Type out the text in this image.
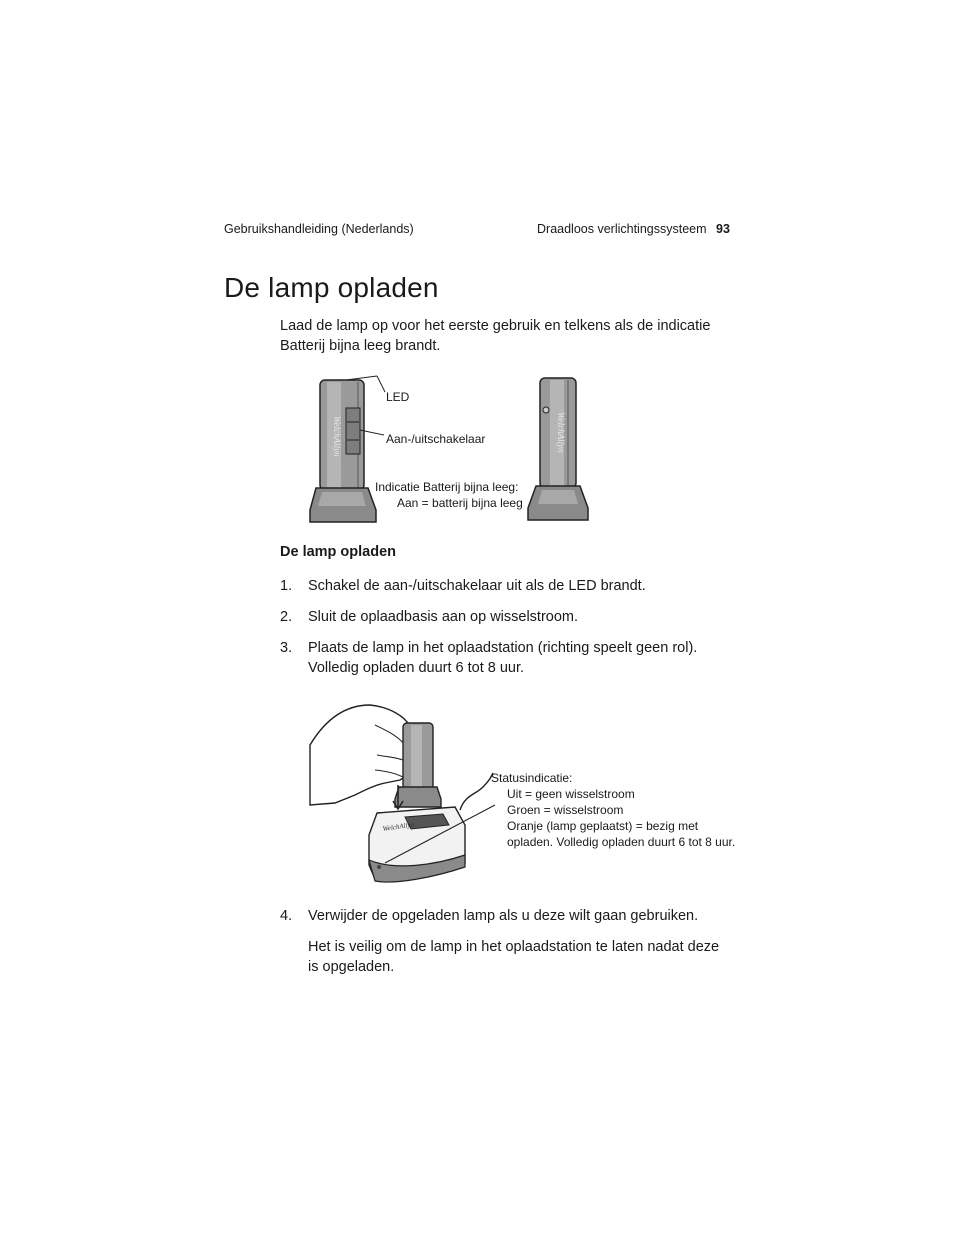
Gebruikshandleiding (Nederlands)	Draadloos verlichtingssysteem 93
De lamp opladen

Laad de lamp op voor het eerste gebruik en telkens als de indicatie Batterij bijna leeg brandt.

WelchAllyn	WelchAllyn
LED
Aan-/uitschakelaar
Indicatie Batterij bijna leeg:
Aan = batterij bijna leeg
De lamp opladen
1. Schakel de aan-/uitschakelaar uit als de LED brandt.
2. Sluit de oplaadbasis aan op wisselstroom.
3. Plaats de lamp in het oplaadstation (richting speelt geen rol). Volledig opladen duurt 6 tot 8 uur.
WelchAllyn
Statusindicatie:
Uit = geen wisselstroom
Groen = wisselstroom
Oranje (lamp geplaatst) = bezig met
opladen. Volledig opladen duurt 6 tot 8 uur.
4. Verwijder de opgeladen lamp als u deze wilt gaan gebruiken.

Het is veilig om de lamp in het oplaadstation te laten nadat deze is opgeladen.
